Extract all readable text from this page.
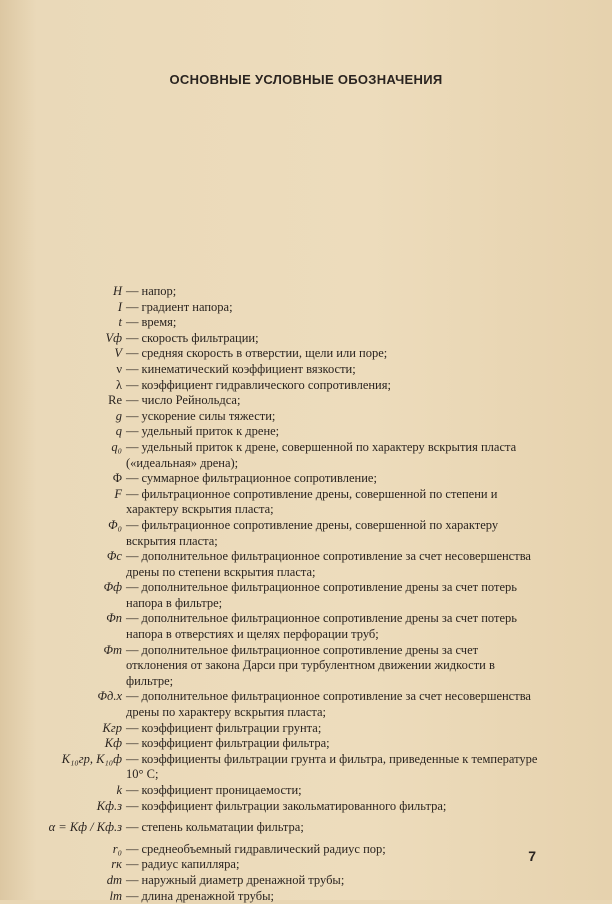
ОСНОВНЫЕ УСЛОВНЫЕ ОБОЗНАЧЕНИЯ
H — напор;
I — градиент напора;
t — время;
Vф — скорость фильтрации;
V — средняя скорость в отверстии, щели или поре;
ν — кинематический коэффициент вязкости;
λ — коэффициент гидравлического сопротивления;
Re — число Рейнольдса;
g — ускорение силы тяжести;
q — удельный приток к дрене;
q₀ — удельный приток к дрене, совершенной по характеру вскрытия пласта («идеальная» дрена);
Φ — суммарное фильтрационное сопротивление;
F — фильтрационное сопротивление дрены, совершенной по степени и характеру вскрытия пласта;
Φ₀ — фильтрационное сопротивление дрены, совершенной по характеру вскрытия пласта;
Φс — дополнительное фильтрационное сопротивление за счет несовершенства дрены по степени вскрытия пласта;
Φф — дополнительное фильтрационное сопротивление дрены за счет потерь напора в фильтре;
Φп — дополнительное фильтрационное сопротивление дрены за счет потерь напора в отверстиях и щелях перфорации труб;
Φт — дополнительное фильтрационное сопротивление дрены за счет отклонения от закона Дарси при турбулентном движении жидкости в фильтре;
Φд.х — дополнительное фильтрационное сопротивление за счет несовершенства дрены по характеру вскрытия пласта;
Kгр — коэффициент фильтрации грунта;
Kф — коэффициент фильтрации фильтра;
K₁₀гр, K₁₀ф — коэффициенты фильтрации грунта и фильтра, приведенные к температуре 10° С;
k — коэффициент проницаемости;
Kф.з — коэффициент фильтрации закольматированного фильтра;
α = Kф / Kф.з — степень кольматации фильтра;
r₀ — среднеобъемный гидравлический радиус пор;
rк — радиус капилляра;
dт — наружный диаметр дренажной трубы;
lт — длина дренажной трубы;
7
